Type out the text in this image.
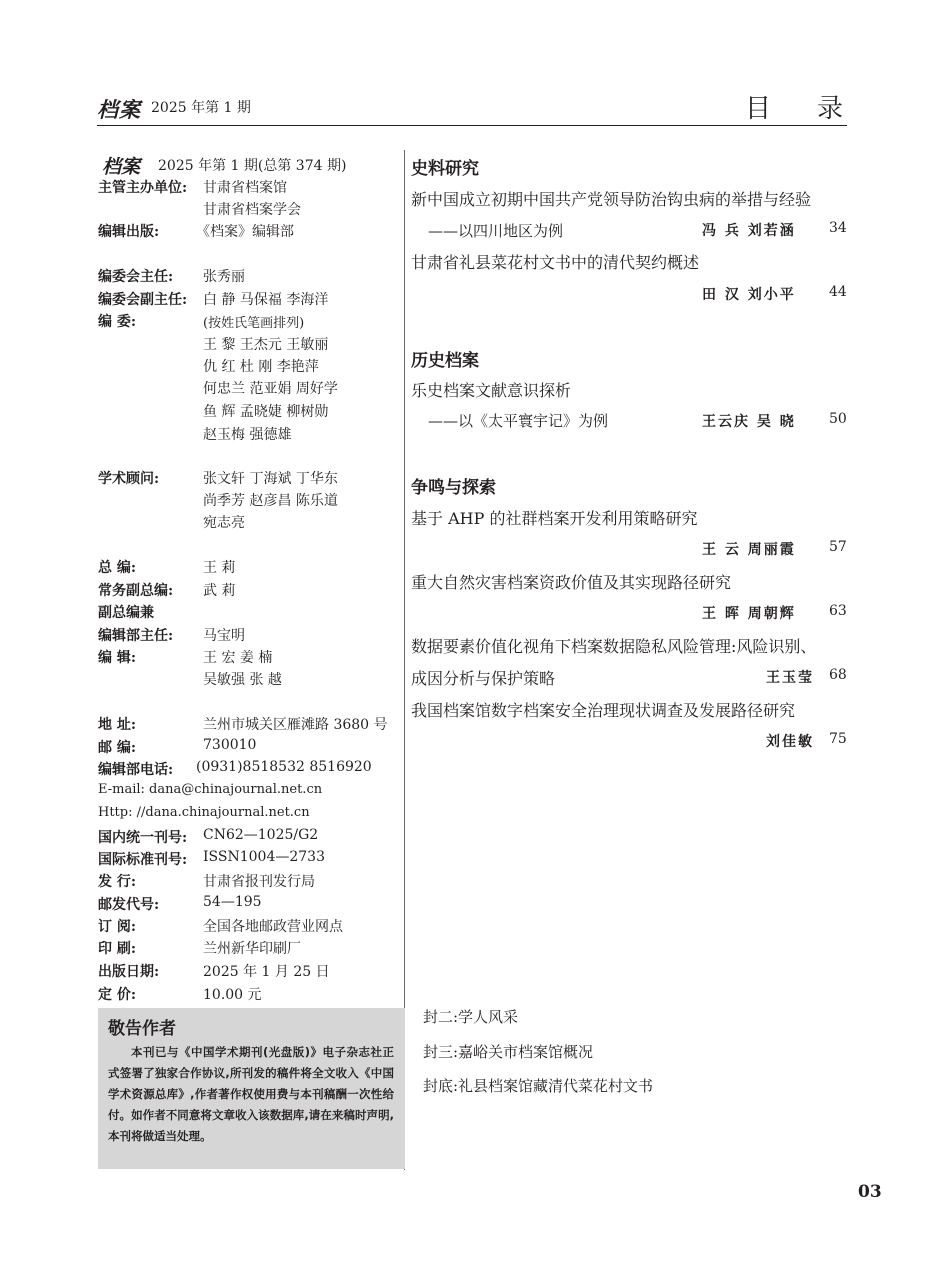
档案 2025 年第 1 期	目录
档案 2025 年第 1 期(总第 374 期)
主管主办单位: 甘肃省档案馆
甘肃省档案学会
编辑出版:	《档案》编辑部
编委会主任: 张秀丽
编委会副主任: 白 静 马保福 李海洋
编 委:	(按姓氏笔画排列)
王 黎 王杰元 王敏丽
仇 红 杜 刚 李艳萍
何忠兰 范亚娟 周好学
鱼 辉 孟晓婕 柳树勋
赵玉梅 强德雄
学术顾问:	张文轩 丁海斌 丁华东
尚季芳 赵彦昌 陈乐道
宛志亮
总 编:	王 莉
常务副总编: 武 莉
副总编兼
编辑部主任: 马宝明
编 辑:	王 宏 姜 楠
吴敏强 张 越
地 址:	兰州市城关区雁滩路 3680 号
邮 编:	730010
编辑部电话: (0931)8518532 8516920
E-mail: dana@chinajournal.net.cn
Http: //dana.chinajournal.net.cn
国内统一刊号: CN62—1025/G2
国际标准刊号: ISSN1004—2733
发 行:	甘肃省报刊发行局
邮发代号:	54—195
订 阅:	全国各地邮政营业网点
印 刷:	兰州新华印刷厂
出版日期:	2025 年 1 月 25 日
定 价:	10.00 元
敬告作者
本刊已与《中国学术期刊(光盘版)》电子杂志社正式签署了独家合作协议,所刊发的稿件将全文收入《中国学术资源总库》,作者著作权使用费与本刊稿酬一次性给付。如作者不同意将文章收入该数据库,请在来稿时声明,本刊将做适当处理。
史料研究
新中国成立初期中国共产党领导防治钩虫病的举措与经验
——以四川地区为例	冯 兵 刘若涵 34
甘肃省礼县菜花村文书中的清代契约概述
田 汉 刘小平 44
历史档案
乐史档案文献意识探析
——以《太平寰宇记》为例	王云庆 吴 晓 50
争鸣与探索
基于 AHP 的社群档案开发利用策略研究
王 云 周丽霞 57
重大自然灾害档案资政价值及其实现路径研究
王 晖 周朝辉 63
数据要素价值化视角下档案数据隐私风险管理:风险识别、
成因分析与保护策略	王玉莹 68
我国档案馆数字档案安全治理现状调查及发展路径研究
刘佳敏 75
封二:学人风采
封三:嘉峪关市档案馆概况
封底:礼县档案馆藏清代菜花村文书
03
